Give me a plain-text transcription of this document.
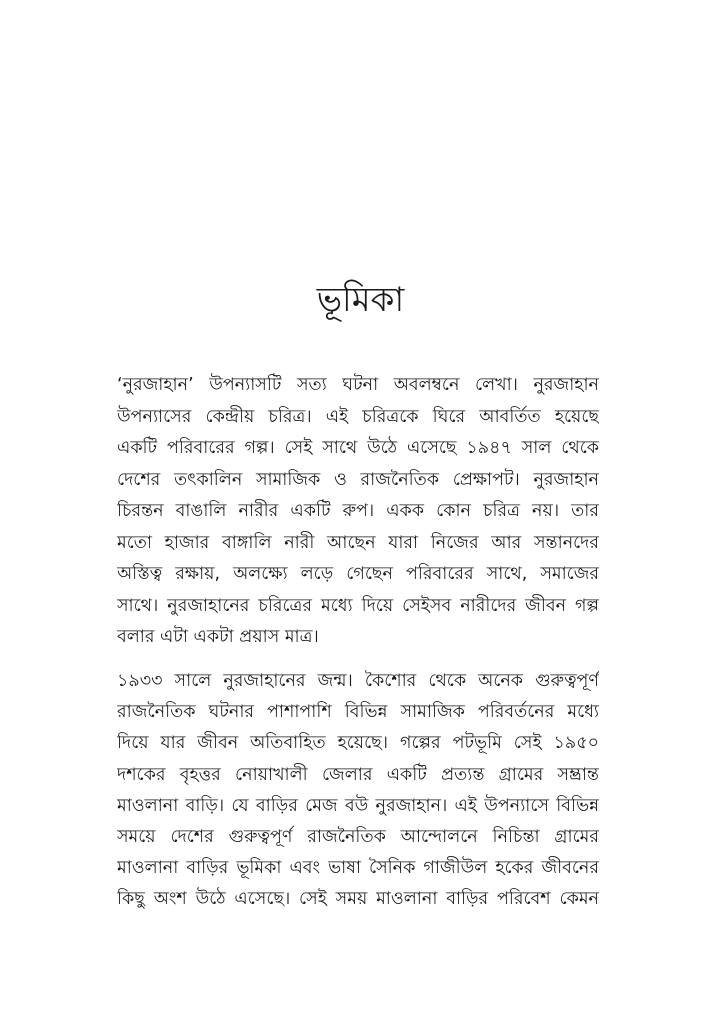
ভূমিকা

‘নুরজাহান’ উপন্যাসটি সত্য ঘটনা অবলম্বনে লেখা। নুরজাহান
উপন্যাসের কেন্দ্রীয় চরিত্র। এই চরিত্রকে ঘিরে আবর্তিত হয়েছে
একটি পরিবারের গল্প। সেই সাথে উঠে এসেছে ১৯৪৭ সাল থেকে
দেশের তৎকালিন সামাজিক ও রাজনৈতিক প্রেক্ষাপট। নুরজাহান
চিরন্তন বাঙালি নারীর একটি রুপ। একক কোন চরিত্র নয়। তার
মতো হাজার বাঙ্গালি নারী আছেন যারা নিজের আর সন্তানদের
অস্তিত্ব রক্ষায়, অলক্ষ্যে লড়ে গেছেন পরিবারের সাথে, সমাজের
সাথে। নুরজাহানের চরিত্রের মধ্যে দিয়ে সেইসব নারীদের জীবন গল্প
বলার এটা একটা প্রয়াস মাত্র।

১৯৩৩ সালে নুরজাহানের জন্ম। কৈশোর থেকে অনেক গুরুত্বপূর্ণ
রাজনৈতিক ঘটনার পাশাপাশি বিভিন্ন সামাজিক পরিবর্তনের মধ্যে
দিয়ে যার জীবন অতিবাহিত হয়েছে। গল্পের পটভূমি সেই ১৯৫০
দশকের বৃহত্তর নোয়াখালী জেলার একটি প্রত্যন্ত গ্রামের সম্ভ্রান্ত
মাওলানা বাড়ি। যে বাড়ির মেজ বউ নুরজাহান। এই উপন্যাসে বিভিন্ন
সময়ে দেশের গুরুত্বপূর্ণ রাজনৈতিক আন্দোলনে নিচিন্তা গ্রামের
মাওলানা বাড়ির ভূমিকা এবং ভাষা সৈনিক গাজীউল হকের জীবনের
কিছু অংশ উঠে এসেছে। সেই সময় মাওলানা বাড়ির পরিবেশ কেমন
